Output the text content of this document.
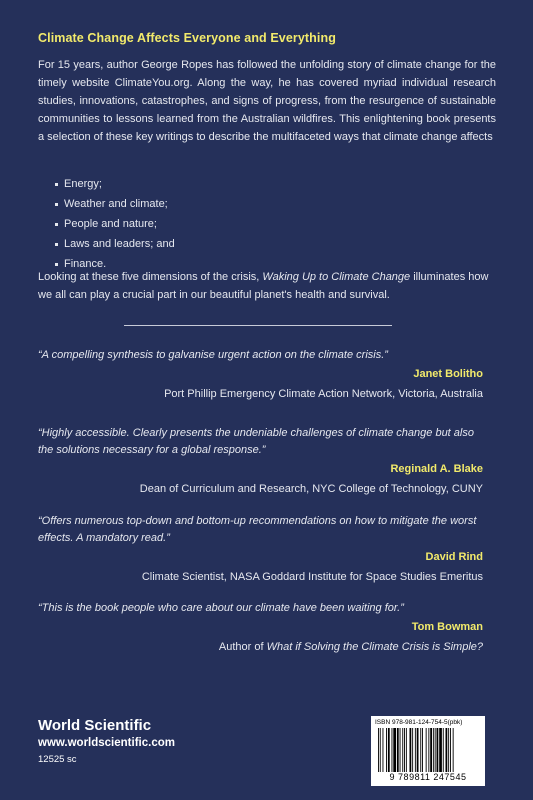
Climate Change Affects Everyone and Everything

For 15 years, author George Ropes has followed the unfolding story of climate change for the timely website ClimateYou.org. Along the way, he has covered myriad individual research studies, innovations, catastrophes, and signs of progress, from the resurgence of sustainable communities to lessons learned from the Australian wildfires. This enlightening book presents a selection of these key writings to describe the multifaceted ways that climate change affects

Energy;
Weather and climate;
People and nature;
Laws and leaders; and
Finance.

Looking at these five dimensions of the crisis, Waking Up to Climate Change illuminates how we all can play a crucial part in our beautiful planet's health and survival.

“A compelling synthesis to galvanise urgent action on the climate crisis.”

Janet Bolitho
Port Phillip Emergency Climate Action Network, Victoria, Australia

“Highly accessible. Clearly presents the undeniable challenges of climate change but also the solutions necessary for a global response.”

Reginald A. Blake
Dean of Curriculum and Research, NYC College of Technology, CUNY

“Offers numerous top-down and bottom-up recommendations on how to mitigate the worst effects. A mandatory read.”

David Rind
Climate Scientist, NASA Goddard Institute for Space Studies Emeritus

“This is the book people who care about our climate have been waiting for.”

Tom Bowman
Author of What if Solving the Climate Crisis is Simple?
World Scientific
www.worldscientific.com
12525 sc
ISBN 978-981-124-754-5(pbk)
9 789811 247545
